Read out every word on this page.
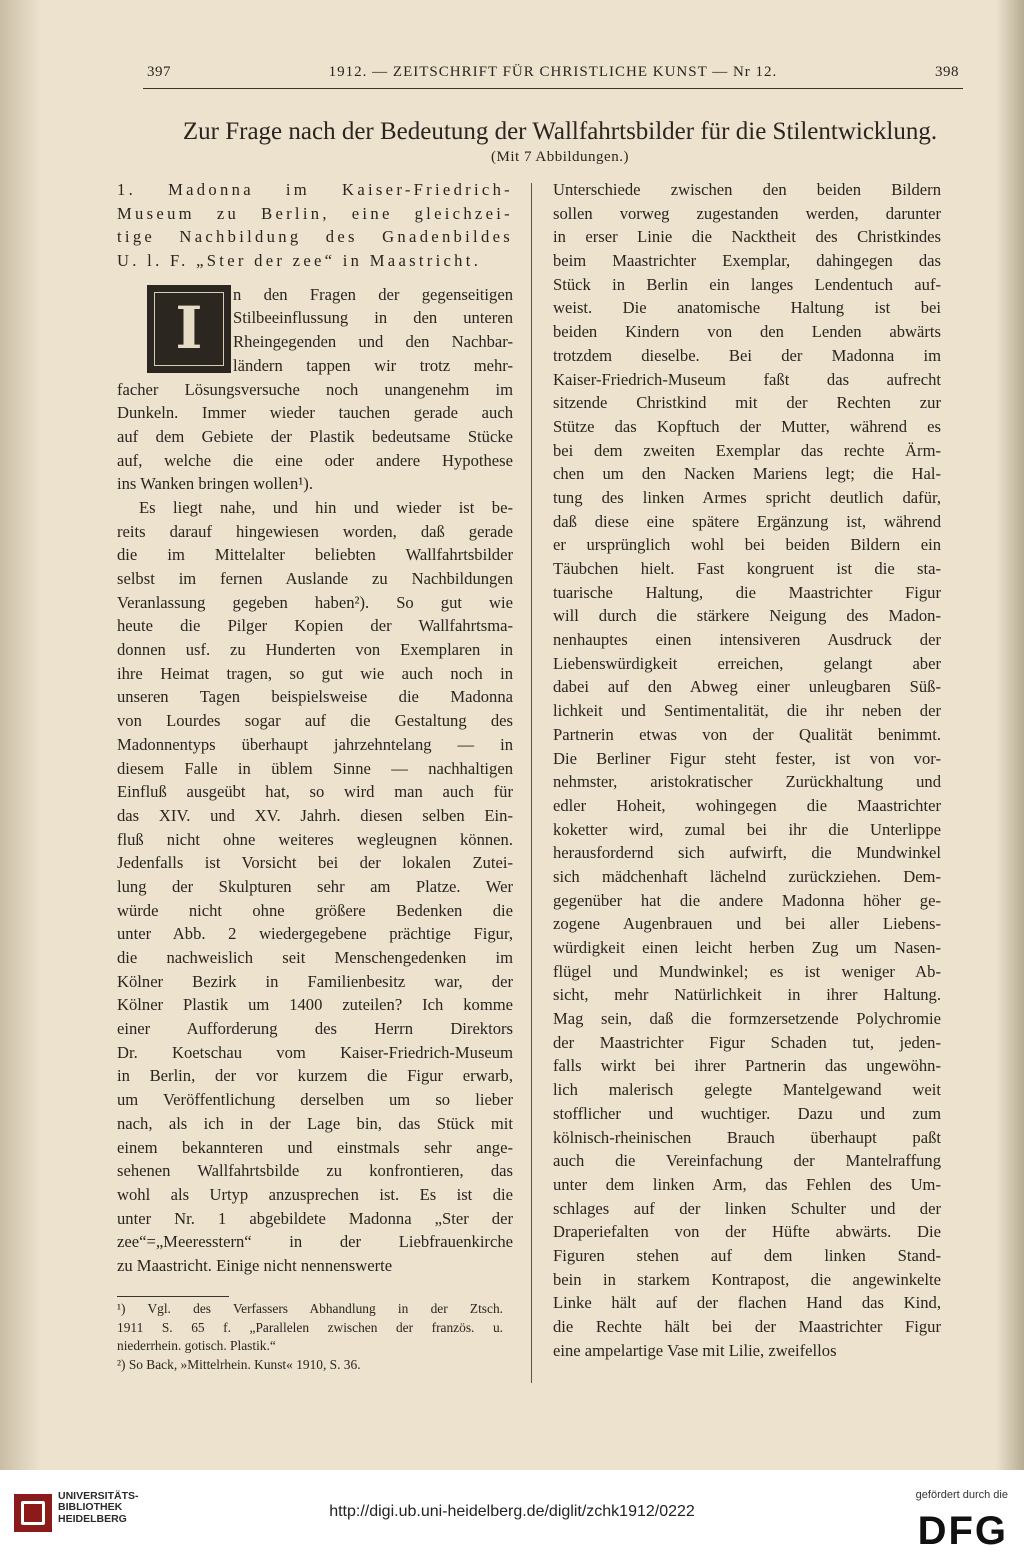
397	1912. — ZEITSCHRIFT FÜR CHRISTLICHE KUNST — Nr 12.	398
Zur Frage nach der Bedeutung der Wallfahrtsbilder für die Stilentwicklung.
(Mit 7 Abbildungen.)
1. Madonna im Kaiser-Friedrich-
Museum zu Berlin, eine gleichzei-
tige Nachbildung des Gnadenbildes
U. l. F. „Ster der zee“ in Maastricht.
n den Fragen der gegenseitigen
Stilbeeinflussung in den unteren
Rheingegenden und den Nachbar-
ländern tappen wir trotz mehr-
facher Lösungsversuche noch unangenehm im
Dunkeln. Immer wieder tauchen gerade auch
auf dem Gebiete der Plastik bedeutsame Stücke
auf, welche die eine oder andere Hypothese
ins Wanken bringen wollen¹).
Es liegt nahe, und hin und wieder ist be-
reits darauf hingewiesen worden, daß gerade
die im Mittelalter beliebten Wallfahrtsbilder
selbst im fernen Auslande zu Nachbildungen
Veranlassung gegeben haben²). So gut wie
heute die Pilger Kopien der Wallfahrtsma-
donnen usf. zu Hunderten von Exemplaren in
ihre Heimat tragen, so gut wie auch noch in
unseren Tagen beispielsweise die Madonna
von Lourdes sogar auf die Gestaltung des
Madonnentyps überhaupt jahrzehntelang — in
diesem Falle in üblem Sinne — nachhaltigen
Einfluß ausgeübt hat, so wird man auch für
das XIV. und XV. Jahrh. diesen selben Ein-
fluß nicht ohne weiteres wegleugnen können.
Jedenfalls ist Vorsicht bei der lokalen Zutei-
lung der Skulpturen sehr am Platze. Wer
würde nicht ohne größere Bedenken die
unter Abb. 2 wiedergegebene prächtige Figur,
die nachweislich seit Menschengedenken im
Kölner Bezirk in Familienbesitz war, der
Kölner Plastik um 1400 zuteilen? Ich komme
einer Aufforderung des Herrn Direktors
Dr. Koetschau vom Kaiser-Friedrich-Museum
in Berlin, der vor kurzem die Figur erwarb,
um Veröffentlichung derselben um so lieber
nach, als ich in der Lage bin, das Stück mit
einem bekannteren und einstmals sehr ange-
sehenen Wallfahrtsbilde zu konfrontieren, das
wohl als Urtyp anzusprechen ist. Es ist die
unter Nr. 1 abgebildete Madonna „Ster der
zee“=„Meeresstern“ in der Liebfrauenkirche
zu Maastricht. Einige nicht nennenswerte
I
¹) Vgl. des Verfassers Abhandlung in der Ztsch.
1911 S. 65 f. „Parallelen zwischen der französ. u.
niederrhein. gotisch. Plastik.“
²) So Back, »Mittelrhein. Kunst« 1910, S. 36.
Unterschiede zwischen den beiden Bildern
sollen vorweg zugestanden werden, darunter
in erser Linie die Nacktheit des Christkindes
beim Maastrichter Exemplar, dahingegen das
Stück in Berlin ein langes Lendentuch auf-
weist. Die anatomische Haltung ist bei
beiden Kindern von den Lenden abwärts
trotzdem dieselbe. Bei der Madonna im
Kaiser-Friedrich-Museum faßt das aufrecht
sitzende Christkind mit der Rechten zur
Stütze das Kopftuch der Mutter, während es
bei dem zweiten Exemplar das rechte Ärm-
chen um den Nacken Mariens legt; die Hal-
tung des linken Armes spricht deutlich dafür,
daß diese eine spätere Ergänzung ist, während
er ursprünglich wohl bei beiden Bildern ein
Täubchen hielt. Fast kongruent ist die sta-
tuarische Haltung, die Maastrichter Figur
will durch die stärkere Neigung des Madon-
nenhauptes einen intensiveren Ausdruck der
Liebenswürdigkeit erreichen, gelangt aber
dabei auf den Abweg einer unleugbaren Süß-
lichkeit und Sentimentalität, die ihr neben der
Partnerin etwas von der Qualität benimmt.
Die Berliner Figur steht fester, ist von vor-
nehmster, aristokratischer Zurückhaltung und
edler Hoheit, wohingegen die Maastrichter
koketter wird, zumal bei ihr die Unterlippe
herausfordernd sich aufwirft, die Mundwinkel
sich mädchenhaft lächelnd zurückziehen. Dem-
gegenüber hat die andere Madonna höher ge-
zogene Augenbrauen und bei aller Liebens-
würdigkeit einen leicht herben Zug um Nasen-
flügel und Mundwinkel; es ist weniger Ab-
sicht, mehr Natürlichkeit in ihrer Haltung.
Mag sein, daß die formzersetzende Polychromie
der Maastrichter Figur Schaden tut, jeden-
falls wirkt bei ihrer Partnerin das ungewöhn-
lich malerisch gelegte Mantelgewand weit
stofflicher und wuchtiger. Dazu und zum
kölnisch-rheinischen Brauch überhaupt paßt
auch die Vereinfachung der Mantelraffung
unter dem linken Arm, das Fehlen des Um-
schlages auf der linken Schulter und der
Draperiefalten von der Hüfte abwärts. Die
Figuren stehen auf dem linken Stand-
bein in starkem Kontrapost, die angewinkelte
Linke hält auf der flachen Hand das Kind,
die Rechte hält bei der Maastrichter Figur
eine ampelartige Vase mit Lilie, zweifellos
UNIVERSITÄTS-
BIBLIOTHEK
HEIDELBERG	http://digi.ub.uni-heidelberg.de/diglit/zchk1912/0222
gefördert durch die
DFG
